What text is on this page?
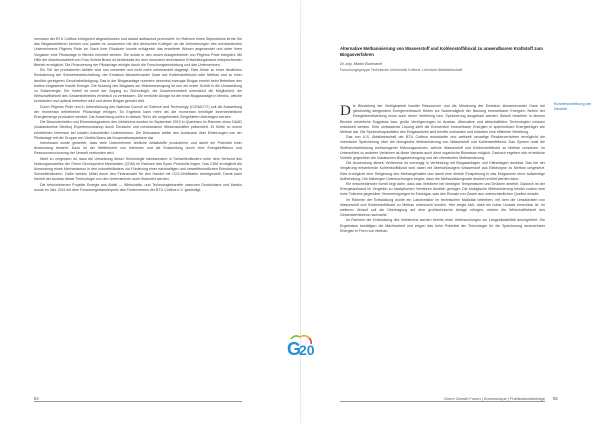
menwarn der BTU Cottbus erfolgreich abgeschlossen und darauf aufbauend promoviert. Im Rahmen eines Stipendiums lernte Sie das Biogasverfahren kennen und passte es zusammen mit den deutschen Kollegen an die Anforderungen des mexikanischen Unternehmens Pilgrims Pride an. Nach ihrer Rückkehr konnte erfolgreich das erweiterte Wissen angewendet und unter ihren Vorgaben eine Pilotanlage in Mexiko errichtet werden. Sie wurde in den neuen Anlagenbetrieb von Pilgrims Pride integriert. Mit Hilfe der Abschlussarbeit von Frau Violeta Bravo ist beiderseits ein dem neuestem technischen Entwicklungsstand entsprechender Betrieb ermöglicht. Die Finanzierung der Pilotanlage erfolgte durch die Forschungseinrichtung und das Unternehmen.

Ein Teil der produzierten Abfälle wird nun verwertet und nicht mehr unbehandelt abgelegt. Dies führte zu einer deutlichen Reduzierung der Schweinewirtschaftung, der Emission klimarelevanter Gase wie Kohlenstoffdioxid oder Methan und zu einer deutlich geringeren Geruchsbelästigung. Das in der Biogasanlage nunmehr dezentral erzeugte Biogas ersetzt beim Betreiben des boilers eingesetzte fossile Energie. Die Nutzung des Biogases zur Wärmeerzeugung ist nun ein erster Schritt in die Umwandlung zu Solarenergie. Ein Vorteil ist somit der Zugang zu Technologie, die Zusammenarbeit unterstützt die Möglichkeit, die Wirtschaftlichkeit des Gesamtbetriebes erheblich zu verbessern. Die erreichte Anlage ist die erste Biogasanlage in Mexiko, welche konstanten und optimal betrieben wird und deren Biogas genutzt wird.

Durch Pilgrims Pride und in Unterstützung des National Council on Science and Technology (CONACYT) soll die Ausweitung der momentan betriebenen Pilotanlage erfolgen. Es Ergebnis kann mehr als die momentan benötigte innerbetriebliche Energiemenge produziert werden. Die Anwendung sollen in dessen Teil in die umgebenden Zielgebieten übertragen werden.

Die Besonderheiten und Erkenntnisgewinne des Verfahrens wurden im September 2010 in Queretaro im Rahmen eines DAAD (Auslandsreise Mexiko) Expertenworkshop durch Deutsche und mexikanische Wissenschaftler präsentiert. Er führte zu einem erheblichen Interesse bei lokalen industriellen Unternehmen. Die Diskussion stellte den Austausch über Erfahrungen von der Pilotanlage mit der Gruppe von Violeta Bravo als Kooperationspartnern dar.

Interessant wurde gewertet, dass viele Unternehmen ähnliche Abfallstoffe produzieren und damit ein Potential einer Anwendung besteht. Dazu ist der Wettbewerb von Interesse und die Entwicklung durch eine Energieeffizienz und Ressourcenschonung der Umwelt verbunden wird.

Nicht zu vergessen ist, dass die Umsetzung dieser Technologie insbesondere in Schwellenländern unter dem Verbund des Nutzungsmodelles der Green Development Mechanism (CDM) im Rahmen des Kyoto Protokolls liegen. Das CDM ermöglicht die Anwendung eines Mechanismus in den Industrieländern zur Förderung einer nachhaltigen und umweltfreundlichen Entwicklung in Schwellenländern. Dafür werden Mittel durch den Finanzmarkt für den Handel mit CO2-Zertifikaten bereitgestellt. Damit kann hiermit der Ausbau dieser Technologie von den Unternehmen auch finanziert werden.

Die beschriebenen Projekte Energie aus Abfall — Wirtschafts- und Technologietransfer zwischen Deutschland und Mexiko wurde im Jahr 2011 mit dem Forschungstransferpreis des Fördervereins der BTU Cottbus e.V. gewürdigt.

G
20
Alternative Methanisierung von Wasserstoff und Kohlenstoffdioxid zu anwendbarem Kraftstoff zum Biogasverfahren
Dr.-Ing. Marko Burkhardt
Forschungsgruppe Technische Universität Cottbus, Lehrstuhl Abfallwirtschaft
Kurzbeschreibung der Neuheit

Die Bündelung der Verfügbarkeit fossiler Ressourcen und die Minderung der Emission klimarelevanter Gase bei gleichzeitig steigendem Energieverbrauch führen zur Notwendigkeit der Nutzung erneuerbarer Energien. Neben der Energiebereitstellung muss auch deren Verteilung bzw. Speicherung ausgebaut werden. Aktuell bestehen in diesem Bereich erhebliche Engpässe bzw. große Verzögerungen im Ausbau. Alternative und wirtschaftliche Technologien müssen entwickelt werden. Eine umfassende Lösung stellt die Konversion erneuerbarer Energien in speicherbare Energieträger wie Methan dar. Die Speicherkapazitäten des Erdgasnetzes sind bereits vorhanden und erlauben eine effiziente Verteilung.

Das von U.S. Abfallwirtschaft der BTU Cottbus entwickelte und weltweit neuartige Reaktorverfahren ermöglicht die chemische Speicherung über die biologische Methanisierung von Wasserstoff und Kohlenstoffdioxid. Das System nutzt die Stoffwechselleistung methanogener Mikroorganismen, welche Wasserstoff und Kohlenstoffdioxid zu Methan umsetzen. Im Unterschied zu anderen Verfahren ist diese Variante auch ohne organische Biomasse möglich. Dadurch ergeben sich erhebliche Vorteile gegenüber der klassischen Biogaserzeugung und der chemischen Methanisierung.

Die Anwendung dieses Verfahrens ist vorrangig in Verbindung mit Biogasanlagen und Kläranlagen denkbar. Das bei der Vergärung entstehende Kohlenstoffdioxid wird dabei mit überschüssigem Wasserstoff aus Elektrolyse zu Methan umgesetzt. Dies ermöglicht eine Steigerung des Methangehaltes und damit eine direkte Einspeisung in das Erdgasnetz ohne aufwendige Aufbereitung. Die bisherigen Untersuchungen zeigen, dass die Methanbildungsrate deutlich erhöht werden kann.

Ein entscheidender Vorteil liegt darin, dass das Verfahren bei niedrigen Temperaturen und Drücken arbeitet. Dadurch ist der Energieaufwand im Vergleich zu katalytischen Verfahren deutlich geringer. Die biologische Methanisierung besitzt zudem eine hohe Toleranz gegenüber Verunreinigungen im Eduktgas, was den Einsatz von Gasen aus unterschiedlichen Quellen erlaubt.

Im Rahmen der Entwicklung wurde ein Laborreaktor im technischen Maßstab betrieben, mit dem die Umsatzraten von Wasserstoff und Kohlenstoffdioxid zu Methan untersucht wurden. Hier zeigte sich, dass ein hoher Umsatz erreichbar ist. Im weiteren Verlauf soll die Übertragung auf eine großtechnische Anlage erfolgen, welche die Wirtschaftlichkeit des Gesamtverfahrens nachweist.

Im Rahmen der Entwicklung des Verfahrens wurden bereits erste Untersuchungen zur Langzeitstabilität durchgeführt. Die Ergebnisse bestätigen die Machbarkeit und zeigen das hohe Potential der Technologie für die Speicherung erneuerbarer Energien in Form von Methan.

54	Green Growth Forum | Kommunique | Publikationsbeiträge 55
